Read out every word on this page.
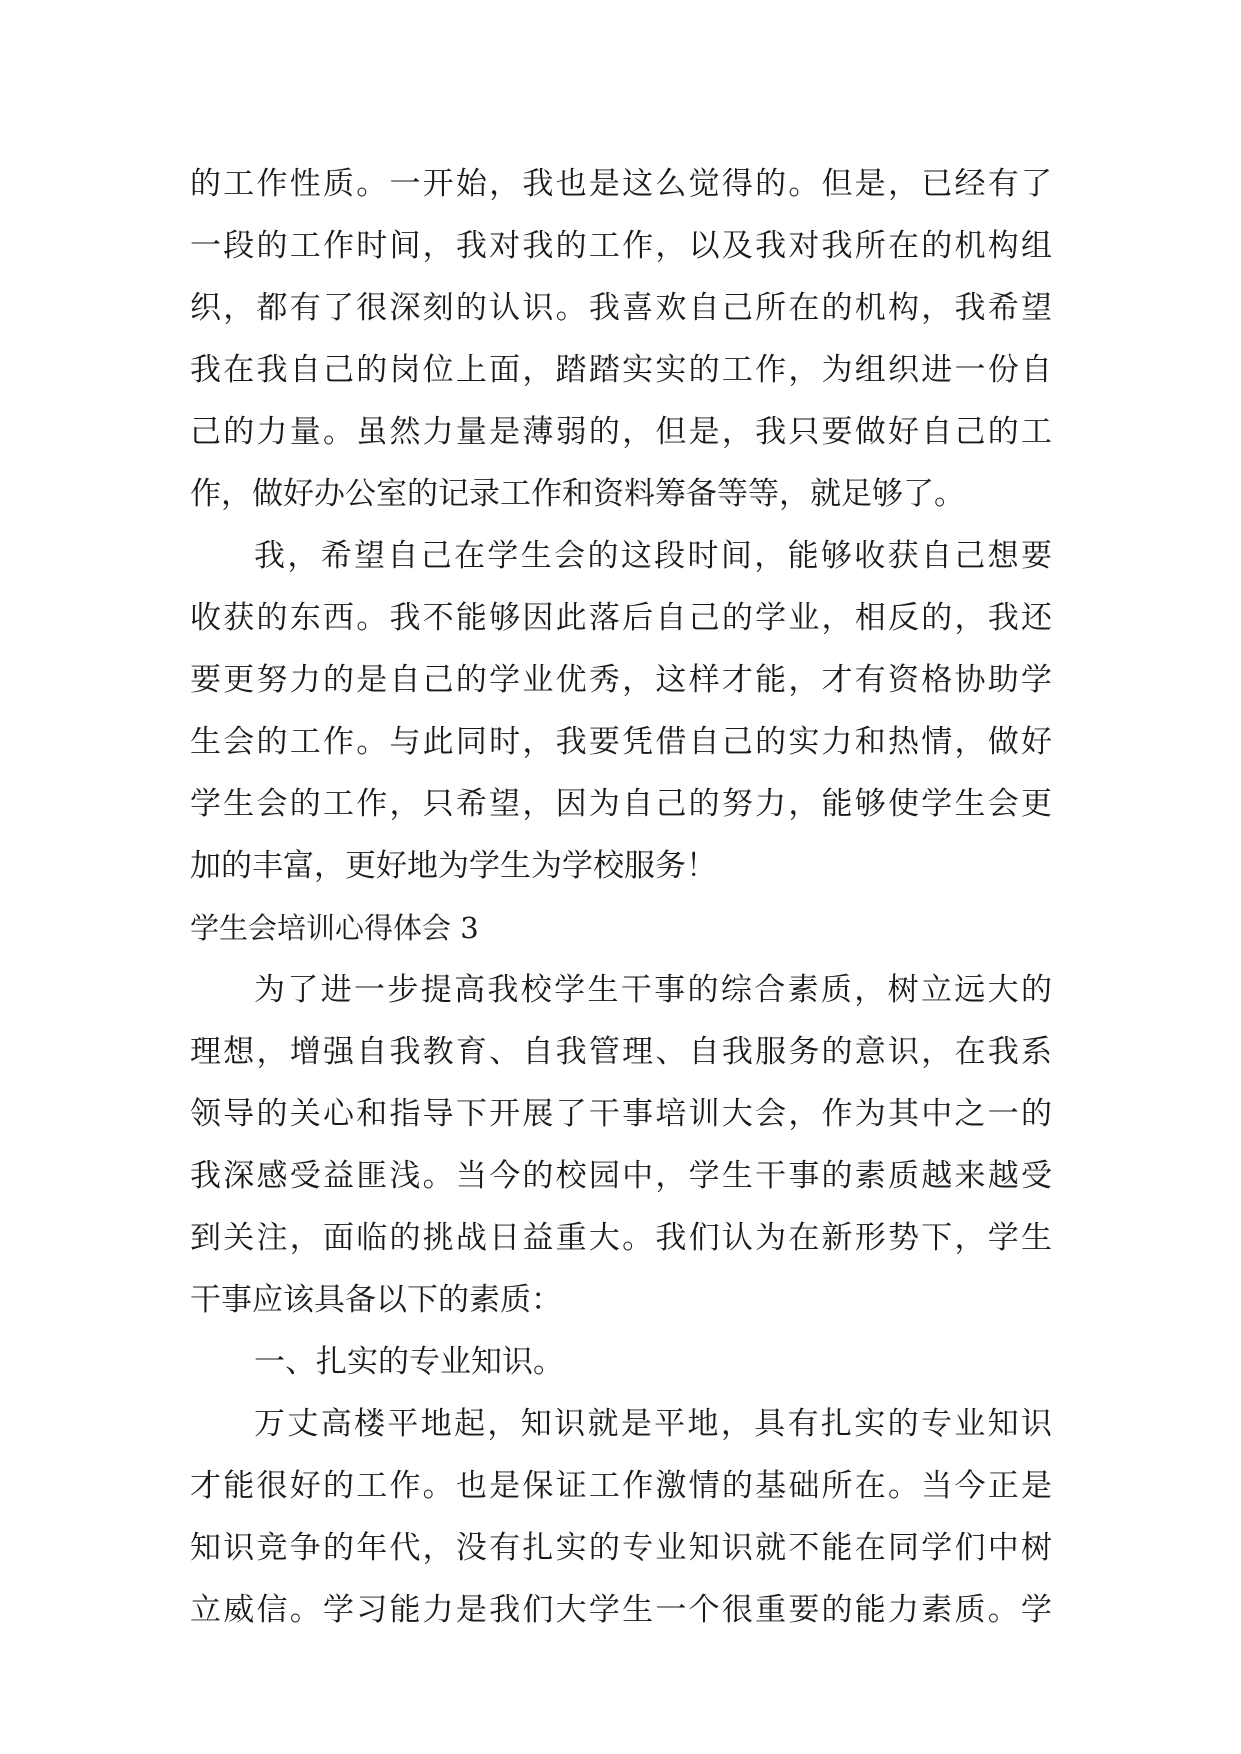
的工作性质。一开始，我也是这么觉得的。但是，已经有了
一段的工作时间，我对我的工作，以及我对我所在的机构组
织，都有了很深刻的认识。我喜欢自己所在的机构，我希望
我在我自己的岗位上面，踏踏实实的工作，为组织进一份自
己的力量。虽然力量是薄弱的，但是，我只要做好自己的工
作，做好办公室的记录工作和资料筹备等等，就足够了。
我，希望自己在学生会的这段时间，能够收获自己想要
收获的东西。我不能够因此落后自己的学业，相反的，我还
要更努力的是自己的学业优秀，这样才能，才有资格协助学
生会的工作。与此同时，我要凭借自己的实力和热情，做好
学生会的工作，只希望，因为自己的努力，能够使学生会更
加的丰富，更好地为学生为学校服务！
学生会培训心得体会 3
为了进一步提高我校学生干事的综合素质，树立远大的
理想，增强自我教育、自我管理、自我服务的意识，在我系
领导的关心和指导下开展了干事培训大会，作为其中之一的
我深感受益匪浅。当今的校园中，学生干事的素质越来越受
到关注，面临的挑战日益重大。我们认为在新形势下，学生
干事应该具备以下的素质：
一、扎实的专业知识。
万丈高楼平地起，知识就是平地，具有扎实的专业知识
才能很好的工作。也是保证工作激情的基础所在。当今正是
知识竞争的年代，没有扎实的专业知识就不能在同学们中树
立威信。学习能力是我们大学生一个很重要的能力素质。学
